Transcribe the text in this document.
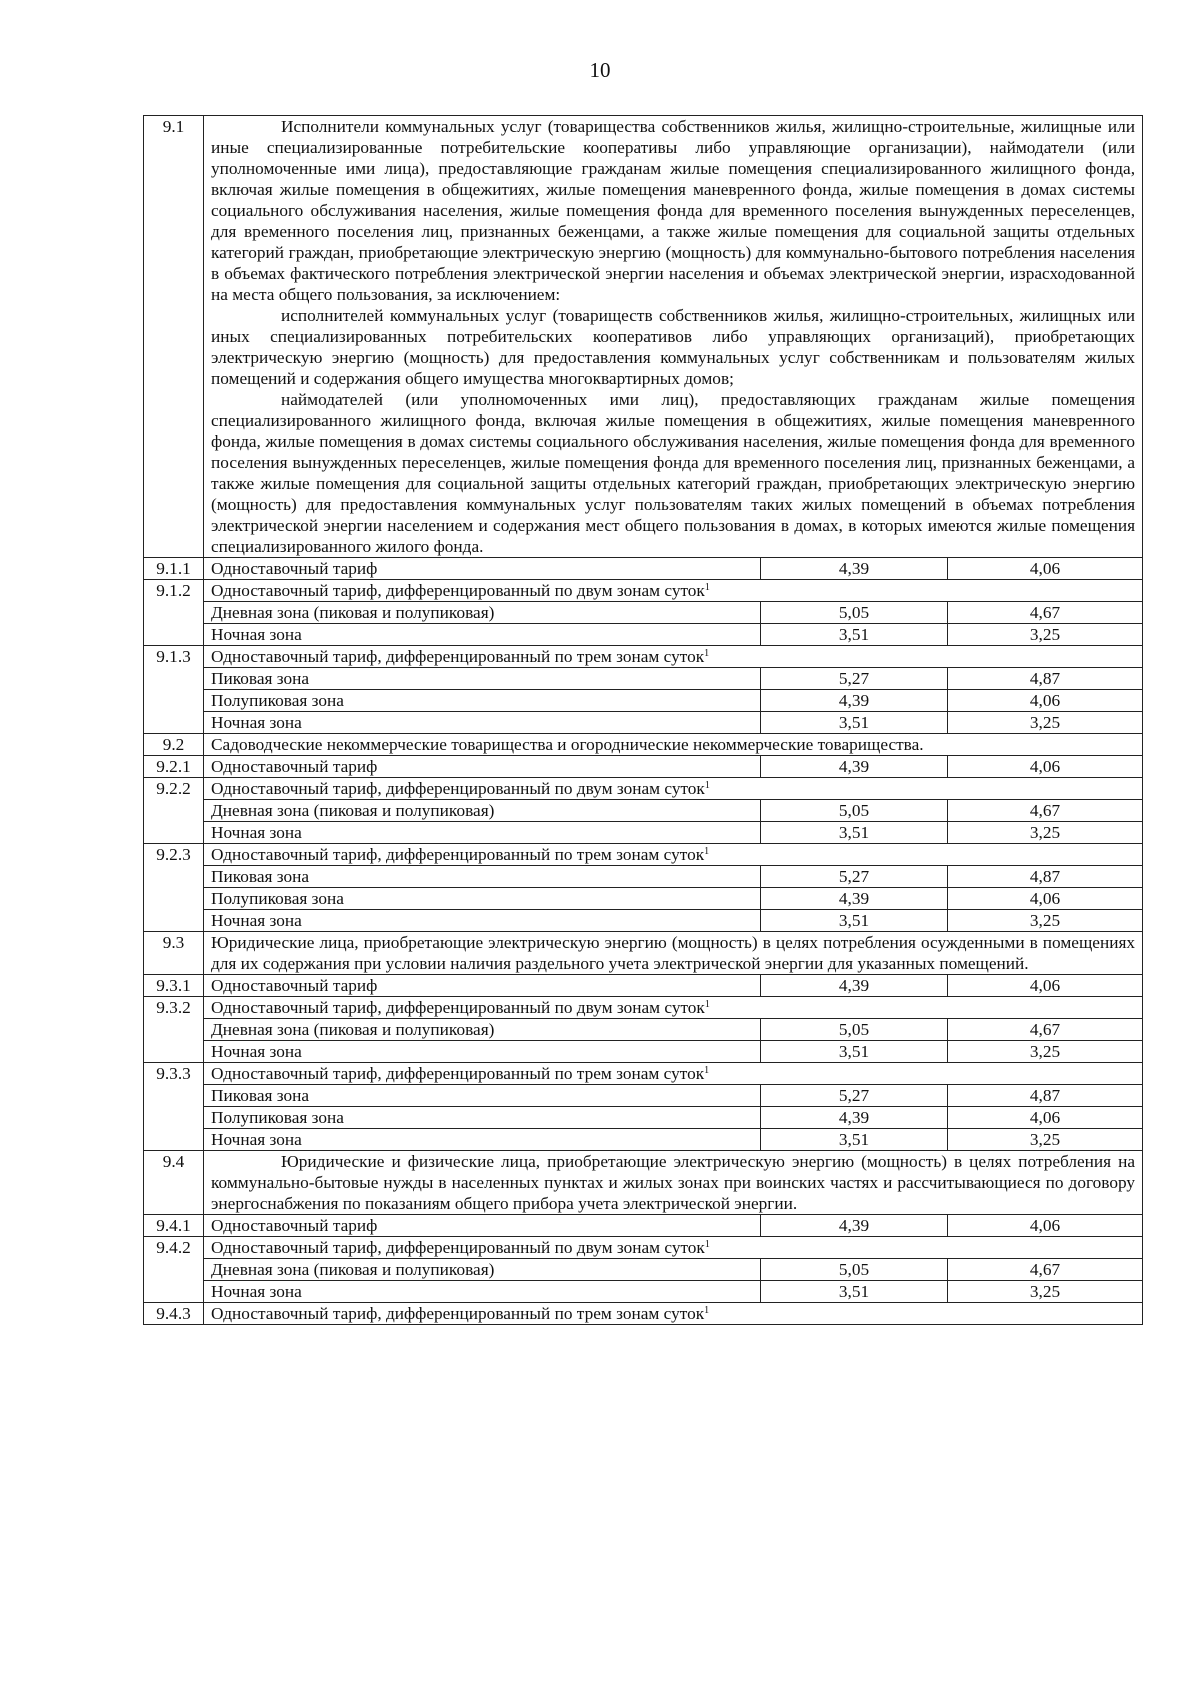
10
9.1	Исполнители коммунальных услуг (товарищества собственников жилья, жилищно-строительные, жилищные или иные специализированные потребительские кооперативы либо управляющие организации), наймодатели (или уполномоченные ими лица), предоставляющие гражданам жилые помещения специализированного жилищного фонда, включая жилые помещения в общежитиях, жилые помещения маневренного фонда, жилые помещения в домах системы социального обслуживания населения, жилые помещения фонда для временного поселения вынужденных переселенцев, для временного поселения лиц, признанных беженцами, а также жилые помещения для социальной защиты отдельных категорий граждан, приобретающие электрическую энергию (мощность) для коммунально-бытового потребления населения в объемах фактического потребления электрической энергии населения и объемах электрической энергии, израсходованной на места общего пользования, за исключением:
исполнителей коммунальных услуг (товариществ собственников жилья, жилищно-строительных, жилищных или иных специализированных потребительских кооперативов либо управляющих организаций), приобретающих электрическую энергию (мощность) для предоставления коммунальных услуг собственникам и пользователям жилых помещений и содержания общего имущества многоквартирных домов;
наймодателей (или уполномоченных ими лиц), предоставляющих гражданам жилые помещения специализированного жилищного фонда, включая жилые помещения в общежитиях, жилые помещения маневренного фонда, жилые помещения в домах системы социального обслуживания населения, жилые помещения фонда для временного поселения вынужденных переселенцев, жилые помещения фонда для временного поселения лиц, признанных беженцами, а также жилые помещения для социальной защиты отдельных категорий граждан, приобретающих электрическую энергию (мощность) для предоставления коммунальных услуг пользователям таких жилых помещений в объемах потребления электрической энергии населением и содержания мест общего пользования в домах, в которых имеются жилые помещения специализированного жилого фонда.		

9.1.1	Одноставочный тариф	4,39	4,06
9.1.2	Одноставочный тариф, дифференцированный по двум зонам суток$^1$
	Дневная зона (пиковая и полупиковая)	5,05	4,67
	Ночная зона	3,51	3,25
9.1.3	Одноставочный тариф, дифференцированный по трем зонам суток$^1$
	Пиковая зона	5,27	4,87
	Полупиковая зона	4,39	4,06
	Ночная зона	3,51	3,25
9.2	Садоводческие некоммерческие товарищества и огороднические некоммерческие товарищества.		

9.2.1	Одноставочный тариф	4,39	4,06
9.2.2	Одноставочный тариф, дифференцированный по двум зонам суток$^1$
	Дневная зона (пиковая и полупиковая)	5,05	4,67
	Ночная зона	3,51	3,25
9.2.3	Одноставочный тариф, дифференцированный по трем зонам суток$^1$
	Пиковая зона	5,27	4,87
	Полупиковая зона	4,39	4,06
	Ночная зона	3,51	3,25
9.3	Юридические лица, приобретающие электрическую энергию (мощность) в целях потребления осужденными в помещениях для их содержания при условии наличия раздельного учета электрической энергии для указанных помещений.		

9.3.1	Одноставочный тариф	4,39	4,06
9.3.2	Одноставочный тариф, дифференцированный по двум зонам суток$^1$
	Дневная зона (пиковая и полупиковая)	5,05	4,67
	Ночная зона	3,51	3,25
9.3.3	Одноставочный тариф, дифференцированный по трем зонам суток$^1$
	Пиковая зона	5,27	4,87
	Полупиковая зона	4,39	4,06
	Ночная зона	3,51	3,25
9.4	Юридические и физические лица, приобретающие электрическую энергию (мощность) в целях потребления на коммунально-бытовые нужды в населенных пунктах и жилых зонах при воинских частях и рассчитывающиеся по договору энергоснабжения по показаниям общего прибора учета электрической энергии.		

9.4.1	Одноставочный тариф	4,39	4,06
9.4.2	Одноставочный тариф, дифференцированный по двум зонам суток$^1$
	Дневная зона (пиковая и полупиковая)	5,05	4,67
	Ночная зона	3,51	3,25
9.4.3	Одноставочный тариф, дифференцированный по трем зонам суток$^1$
